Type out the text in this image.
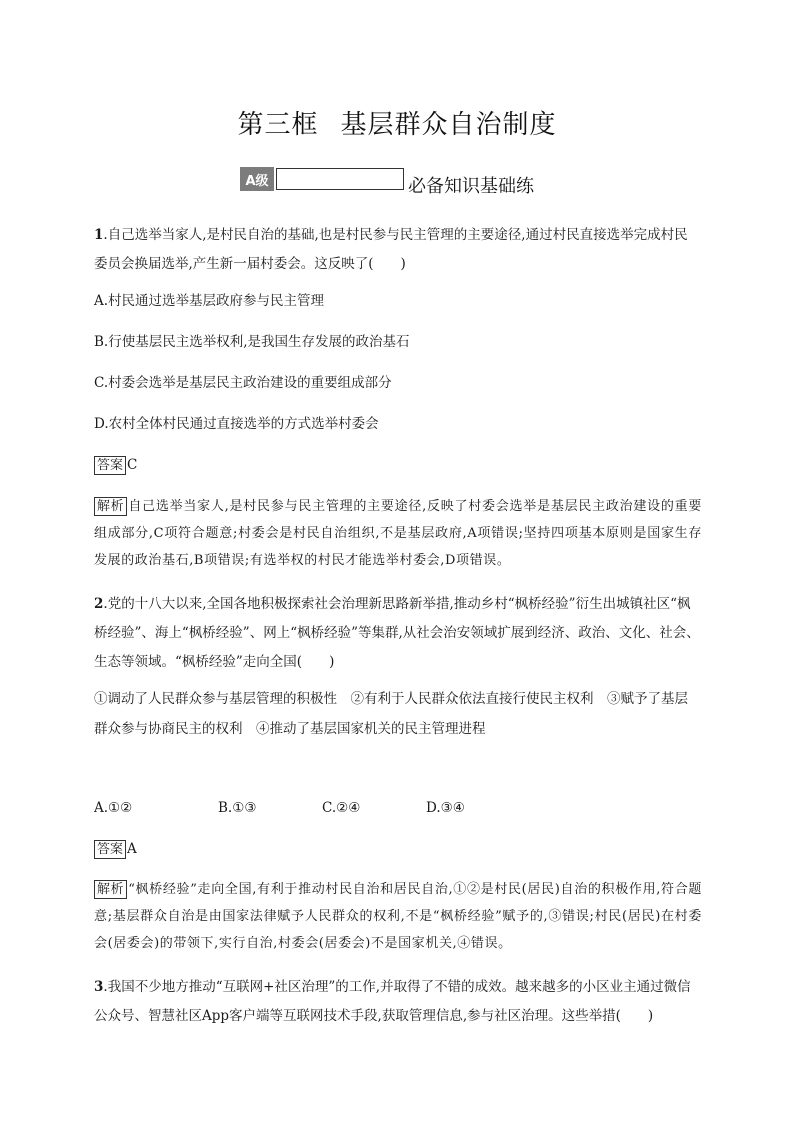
第三框 基层群众自治制度
A级	必备知识基础练
1.自己选举当家人,是村民自治的基础,也是村民参与民主管理的主要途径,通过村民直接选举完成村民委员会换届选举,产生新一届村委会。这反映了(　　)
A.村民通过选举基层政府参与民主管理
B.行使基层民主选举权利,是我国生存发展的政治基石
C.村委会选举是基层民主政治建设的重要组成部分
D.农村全体村民通过直接选举的方式选举村委会
答案 C
解析 自己选举当家人,是村民参与民主管理的主要途径,反映了村委会选举是基层民主政治建设的重要组成部分,C项符合题意;村委会是村民自治组织,不是基层政府,A项错误;坚持四项基本原则是国家生存发展的政治基石,B项错误;有选举权的村民才能选举村委会,D项错误。
2.党的十八大以来,全国各地积极探索社会治理新思路新举措,推动乡村“枫桥经验”衍生出城镇社区“枫桥经验”、海上“枫桥经验”、网上“枫桥经验”等集群,从社会治安领域扩展到经济、政治、文化、社会、生态等领域。“枫桥经验”走向全国(　　)
①调动了人民群众参与基层管理的积极性　②有利于人民群众依法直接行使民主权利　③赋予了基层群众参与协商民主的权利　④推动了基层国家机关的民主管理进程
A.①②	B.①③	C.②④	D.③④
答案 A
解析 “枫桥经验”走向全国,有利于推动村民自治和居民自治,①②是村民(居民)自治的积极作用,符合题意;基层群众自治是由国家法律赋予人民群众的权利,不是“枫桥经验”赋予的,③错误;村民(居民)在村委会(居委会)的带领下,实行自治,村委会(居委会)不是国家机关,④错误。
3.我国不少地方推动“互联网+社区治理”的工作,并取得了不错的成效。越来越多的小区业主通过微信公众号、智慧社区App客户端等互联网技术手段,获取管理信息,参与社区治理。这些举措(　　)
